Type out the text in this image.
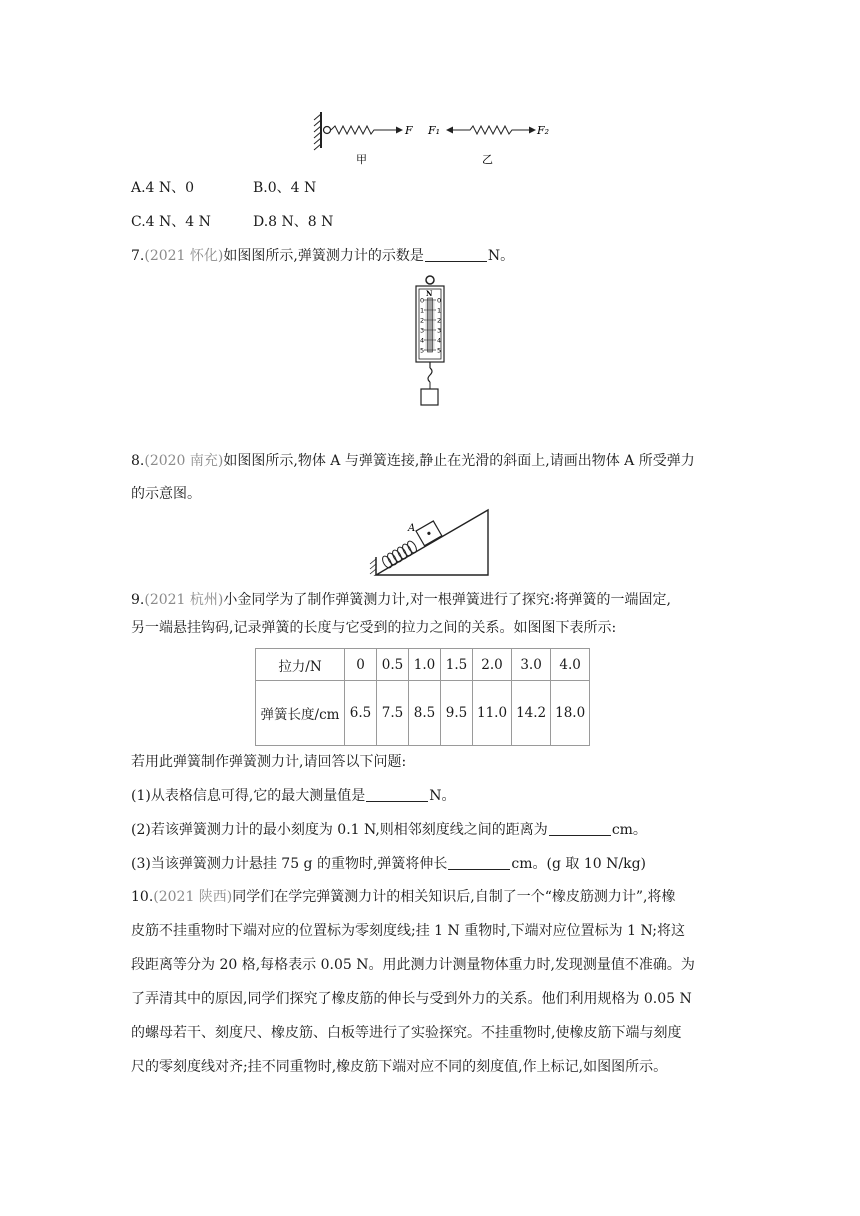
F F₁	F₂
甲	乙
A.4 N、0	B.0、4 N
C.4 N、4 N	D.8 N、8 N
7.(2021 怀化)如图图所示,弹簧测力计的示数是	N。
N
0 0
1 1
2 2
3 3
4 4
5 5
8.(2020 南充)如图图所示,物体 A 与弹簧连接,静止在光滑的斜面上,请画出物体 A 所受弹力
的示意图。
A
9.(2021 杭州)小金同学为了制作弹簧测力计,对一根弹簧进行了探究:将弹簧的一端固定,
另一端悬挂钩码,记录弹簧的长度与它受到的拉力之间的关系。如图图下表所示:
拉力/N	0	0.5	1.0	1.5	2.0	3.0	4.0
弹簧长度/cm	6.5	7.5	8.5	9.5	11.0	14.2	18.0
若用此弹簧制作弹簧测力计,请回答以下问题:
(1)从表格信息可得,它的最大测量值是	N。
(2)若该弹簧测力计的最小刻度为 0.1 N,则相邻刻度线之间的距离为	cm。
(3)当该弹簧测力计悬挂 75 g 的重物时,弹簧将伸长	cm。(g 取 10 N/kg)
10.(2021 陕西)同学们在学完弹簧测力计的相关知识后,自制了一个“橡皮筋测力计”,将橡
皮筋不挂重物时下端对应的位置标为零刻度线;挂 1 N 重物时,下端对应位置标为 1 N;将这
段距离等分为 20 格,每格表示 0.05 N。用此测力计测量物体重力时,发现测量值不准确。为
了弄清其中的原因,同学们探究了橡皮筋的伸长与受到外力的关系。他们利用规格为 0.05 N
的螺母若干、刻度尺、橡皮筋、白板等进行了实验探究。不挂重物时,使橡皮筋下端与刻度
尺的零刻度线对齐;挂不同重物时,橡皮筋下端对应不同的刻度值,作上标记,如图图所示。
